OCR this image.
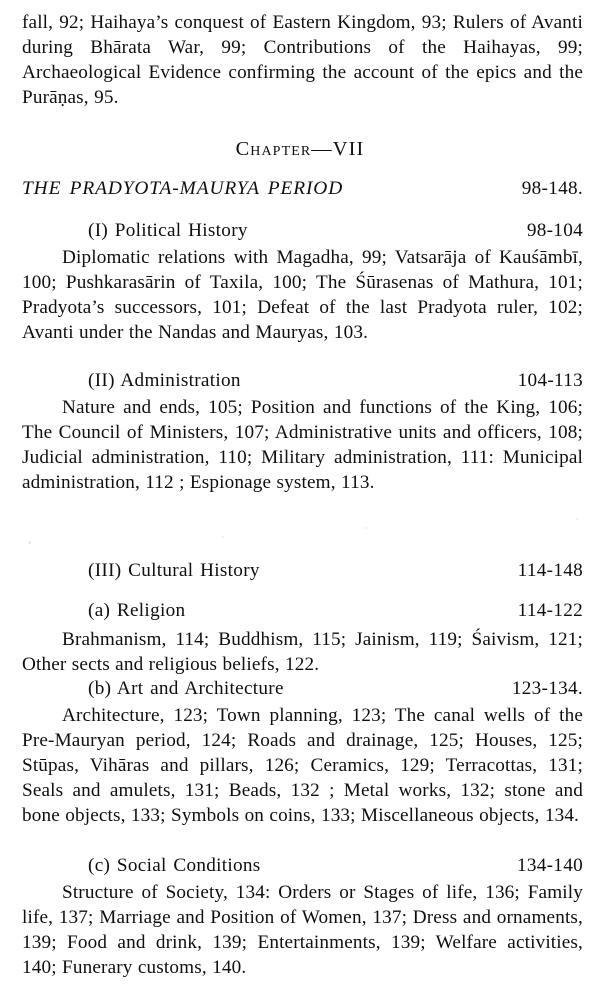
fall, 92; Haihaya’s conquest of Eastern Kingdom, 93; Rulers of Avanti during Bhārata War, 99; Contributions of the Haihayas, 99; Archaeological Evidence confirming the account of the epics and the Purāṇas, 95.
Chapter—VII
THE PRADYOTA-MAURYA PERIOD	98-148.
(I) Political History	98-104
Diplomatic relations with Magadha, 99; Vatsarāja of Kauśāmbī, 100; Pushkarasārin of Taxila, 100; The Śūrasenas of Mathura, 101; Pradyota’s successors, 101; Defeat of the last Pradyota ruler, 102; Avanti under the Nandas and Mauryas, 103.
(II) Administration	104-113
Nature and ends, 105; Position and functions of the King, 106; The Council of Ministers, 107; Administrative units and officers, 108; Judicial administration, 110; Military administration, 111: Municipal administration, 112 ; Espionage system, 113.
(III) Cultural History	114-148
(a) Religion	114-122
Brahmanism, 114; Buddhism, 115; Jainism, 119; Śaivism, 121; Other sects and religious beliefs, 122.
(b) Art and Architecture	123-134.
Architecture, 123; Town planning, 123; The canal wells of the Pre-Mauryan period, 124; Roads and drainage, 125; Houses, 125; Stūpas, Vihāras and pillars, 126; Ceramics, 129; Terracottas, 131; Seals and amulets, 131; Beads, 132 ; Metal works, 132; stone and bone objects, 133; Symbols on coins, 133; Miscellaneous objects, 134.
(c) Social Conditions	134-140
Structure of Society, 134: Orders or Stages of life, 136; Family life, 137; Marriage and Position of Women, 137; Dress and ornaments, 139; Food and drink, 139; Entertainments, 139; Welfare activities, 140; Funerary customs, 140.
